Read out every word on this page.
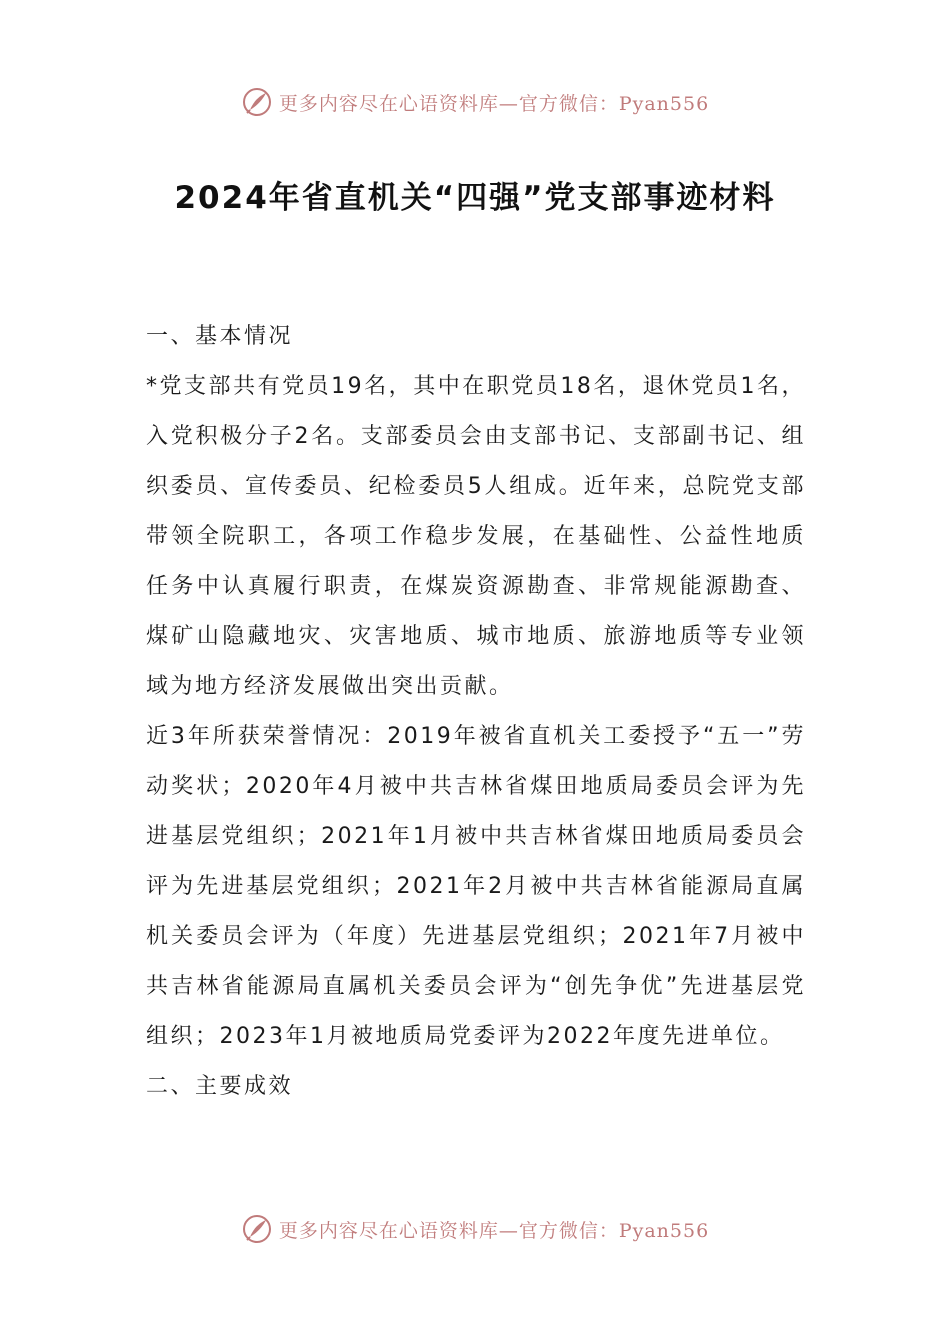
更多内容尽在心语资料库—官方微信：Pyan556
2024年省直机关“四强”党支部事迹材料

一、基本情况

*党支部共有党员19名，其中在职党员18名，退休党员1名，入党积极分子2名。支部委员会由支部书记、支部副书记、组织委员、宣传委员、纪检委员5人组成。近年来，总院党支部带领全院职工，各项工作稳步发展，在基础性、公益性地质任务中认真履行职责，在煤炭资源勘查、非常规能源勘查、煤矿山隐藏地灾、灾害地质、城市地质、旅游地质等专业领域为地方经济发展做出突出贡献。

近3年所获荣誉情况：2019年被省直机关工委授予“五一”劳动奖状；2020年4月被中共吉林省煤田地质局委员会评为先进基层党组织；2021年1月被中共吉林省煤田地质局委员会评为先进基层党组织；2021年2月被中共吉林省能源局直属机关委员会评为（年度）先进基层党组织；2021年7月被中共吉林省能源局直属机关委员会评为“创先争优”先进基层党组织；2023年1月被地质局党委评为2022年度先进单位。

二、主要成效

更多内容尽在心语资料库—官方微信：Pyan556
